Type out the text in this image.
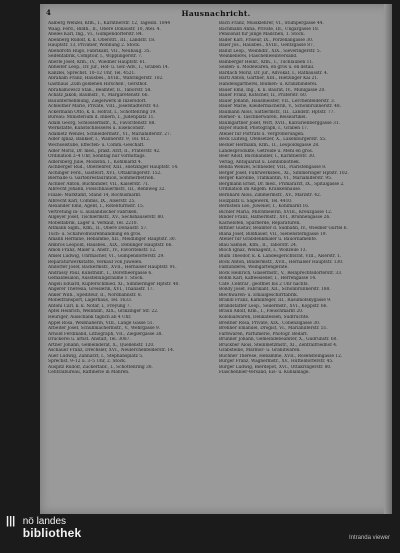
4	Hausnachricht.
Aalberg Wenzel, Kfm., I., Kärntnerstr. 12, Tagesbl. 1844
Waag. Ferd., Bildh., II., Obere Donaustr. 10, Atel. 4.
Abeles Karl, Ing., VI., Gumpendorferstr. 84.
Abenberg Rudolf, k. k. Oberstlt., III., Landstr. 18.
Hauptstr. 13, Privatier, Wohnung 2. Stock.
Abendroth Hugo, Fabrikant, VII., Neubaug. 35.
Seifenfabrik, Comptoir, I., Wipplingerstr. 7.
Aberle Josef, Kfm., IV., Wiedner Hauptstr. 61.
Abheiter Leop., Dr. jur., Hof- u. Ger.-Adv., I., Graben 14.
Kanzlei, Sprechst. 10–12 Uhr, Tel. 4521.
Abraham Franz, Hausbes., XVIII., Währingerstr. 102.
Gasthaus ‚Zum goldenen Hirschen‘, Gersthof.
Abrahamowicz Stan., Beamter, II., Taborstr. 58.
Achatz Jakob, Baumstr., V., Margaretenstr. 66.
Bauunternehmung, Ziegelwerk in Inzersdorf.
Achleitner Marie, Private, VIII., Josefstädterstr. 43.
Ackermann Otto, k. k. Hofrat, I., Schottenring 19.
Bureau: Ministerium d. Innern, I., Judenplatz 11.
Adam Georg, Schlossermstr., X., Favoritenstr. 88.
Werkstätte, Kunstschlosserei u. Eisenconstr.
Adametz Wenzel, Schneidermstr., VI., Mariahilferstr. 27.
Adler Ignaz, Bankier, I., Wallnerstr. 9, Tel. 812.
Wechselstube, Effecten- u. Comm.-Geschäft.
Adler Moriz, Dr. med., prakt. Arzt, II., Praterstr. 42.
Ordination 2–4 Uhr, Sonntag nur vormittags.
Adlersberg Julie, Modistin, I., Kohlmarkt 4.
Aichberger Rud., Oberlehrer, XIII., Hietzinger Hauptstr. 14.
Aichinger Ferd., Gastwirt, XVI., Ottakringerstr. 152.
Bierhalle u. Gartenrestauration, Sommerbetrieb.
Aichner Anton, Buchbinder, VII., Kaiserstr. 71.
Albrecht Johann, Fleischhauermstr., III., Rennweg 32.
Filiale: Marktamt, Stand 14, Rochusmarkt.
Albrecht Karl, Commis, IX., Alserstr. 25.
Alexander Emil, Agent, I., Rotenturmstr. 15.
Vertretung in- u. ausländischer Fabriken.
Allgeyer Josef, Tischlermstr., XV., Sechshauserstr. 80.
Möbelfabrik, Lager u. Verkauf, Tel. 2210.
Altmann Sigm., Kfm., II., Obere Donaustr. 57.
Tuch- u. Schafwollwarenhandlung en gros.
Amann Hermine, Hebamme, XII., Meidlinger Hauptstr. 30.
Ambros Leopold, Hausbes., XIX., Döblinger Hauptstr. 66.
Amon Franz, Maler u. Anstr., IV., Favoritenstr. 12.
Amsel Ludwig, Uhrmacher, VI., Gumpendorferstr. 29.
Reparaturwerkstätte, Verkauf von Juwelen.
Andorfer Josef, Bäckermstr., XVII., Hernalser Hauptstr. 91.
Andrassy Paul, Kunsthdlr., I., Dorotheergasse 6.
Gemäldesalon, Ausstellungsräume 1. Stock.
Angeli Eduard, Kupferschmied, XI., Simmeringer Hptstr. 40.
Angerer Theresia, Greislerin, XVI., Thaliastr. 17.
Anker Wilh., Spediteur, II., Nordbahnstr. 8.
Möbeltransport, Lagerhaus, Tel. 1633.
Antoni Carl, k. k. Notar, I., Freyung 7.
Apfel Heinrich, Weinhdlr., XIX., Grinzinger Str. 22.
Heuriger, Ausschank täglich ab 4 Uhr.
Appel Rosa, Weißnäherin, VIII., Lange Gasse 51.
Arbeiter Josef, Schuhmachermstr., V., Wehrgasse 9.
Arnold Ferdinand, Lithograph, VII., Zieglergasse 38.
Druckerei u. artist. Anstalt, Tel. 3087.
Artner Johann, Gemeinderat, X., Quellenstr. 120.
Aschauer Franz, Drechsler, XVI., Neulerchenfelderstr. 14.
Auer Ludwig, Zahnarzt, I., Stephansplatz 5.
Sprechst. 9–12 u. 3–5 Uhr, 2. Stock.
Auspitz Rudolf, Zuckerfabr., I., Schottenring 30.
Centralbureau, Raffinerie in Mähren.
Bach Franz, Musiklehrer, VI., Stumpergasse 44.
Bachmann Anna, Private, III., Ungargasse 18.
Pensionat für junge Mädchen, 1. Stock.
Bader Karl, Friseur, IX., Porzellangasse 30.
Baier Jos., Hausbes., XVIII., Gentzgasse 87.
Balluf Leop., Weinhdlr., XIX., Sieveringerstr. 5.
Weinkellerei, Flaschenweinversand.
Bamberger Heinr., Kfm., I., Tuchlauben 11.
Seiden- u. Modewaren, en gros u. en detail.
Bardach Moriz, Dr. jur., Advokat, I., Rathausstr. 4.
Bartl Anton, Gärtner, XIII., Hietzinger Kai 21.
Handelsgärtnerei, Blumen- u. Kranzbinderei.
Bauer Emil, Ing., k. k. Baurat, IV., Mühlgasse 20.
Bauer Franz, Kutscher, II., Praterstr. 60.
Bauer Johann, Hausmeister, VII., Lerchenfelderstr. 3.
Bauer Marie, Kleidermacherin, V., Schönbrunnerstr. 48.
Baumann Alois, Sattlermstr., III., Landstr. Hptstr. 77.
Riemer- u. Taschnerwaren, Reiseartikel.
Baumgartner Josef, Wirt, XVII., Kalvarienberggasse 31.
Bayer Rudolf, Photograph, I., Graben 17.
Atelier für Porträts u. Vergrößerungen.
Beck Ludwig, Ofensetzer, X., Laxenburgerstr. 55.
Becker Hermann, Kfm., II., Leopoldsgasse 28.
Landesprodukte, Getreide u. Mehl en gros.
Beer Adolf, Buchhändler, I., Kärntnerstr. 30.
Verlag, Antiquariat u. Leihbibliothek.
Benda Wenzel, Schneider, VIII., Piaristengasse 8.
Berger Josef, Fuhrwerksbes., XI., Simmeringer Hptstr. 102.
Berger Karoline, Trafikantin, VI., Mariahilferstr. 95.
Bergmann Ernst, Dr. med., Primararzt, IX., Spitalgasse 2.
Ordination im Allgem. Krankenhause.
Bernhard Alois, Zimmermstr., XV., Märzstr. 42.
Holzplatz u. Sägewerk, Tel. 4410.
Bernstein Leo, Juwelier, I., Kohlmarkt 16.
Bichler Maria, Milchmeierin, XVIII., Kreuzgasse 12.
Binder Franz, Hafnermstr., XVI., Brunnengasse 26.
Kachelöfen, Sparherde, Reparaturen.
Bittner Gustav, Beamter d. Südbahn, IV., Wiedner Gürtel 6.
Blaha Josef, Bildhauer, VII., Siebensterngasse 19.
Atelier für Grabdenkmäler u. Bauornamente.
Blau Samuel, Kfm., II., Taborstr. 24.
Bloch Ignaz, Weinagent, I., Wollzeile 13.
Blum Theodor, k. k. Landesgerichtsrat, VIII., Alserstr. 1.
Bock Anton, Bindermstr., XVII., Hernalser Hauptstr. 130.
Faßbinderei, Weingartengeräte.
Böck Heinrich, Glasermstr., V., Reinprechtsdorferstr. 33.
Böhm Karl, Kaffeesieder, I., Herrengasse 14.
Café ‚Central‘, geöffnet bis 2 Uhr nachts.
Bondy Josef, Fabrikant, XII., Schönbrunnerstr. 188.
Blechwaren- u. Emailgeschirrfabrik.
Brandl Franz, Kaminfeger, III., Rasumofskygasse 9.
Brandstätter Leop., Seilermstr., XVI., Koppstr. 66.
Braun Adolf, Kfm., I., Fleischmarkt 20.
Kolonialwaren, Delikatessen, Südfrüchte.
Breitner Rosa, Private, XIX., Cobenzlgasse 30.
Brenner Emanuel, Drogist, VI., Mariahilferstr. 51.
Farbwaren, Parfümerie, Photogr. Bedarf.
Brunner Johann, Gemeindebeamter, X., Gudrunstr. 60.
Bruckner Alois, Steinmetzmstr., XI., Zentralfriedhof 4.
Grabsteine, Marmor- u. Granitwaren.
Buchner Therese, Hebamme, XVII., Rosensteingasse 12.
Bürger Franz, Wagnermstr., XV., Hütteldorferstr. 45.
Burger Ludwig, Bierdepot, XVI., Ottakringerstr. 80.
Flaschenbier-Versand, Eis- u. Kühlanlage.
||| nö landes
bibliothek	Intranda viewer
